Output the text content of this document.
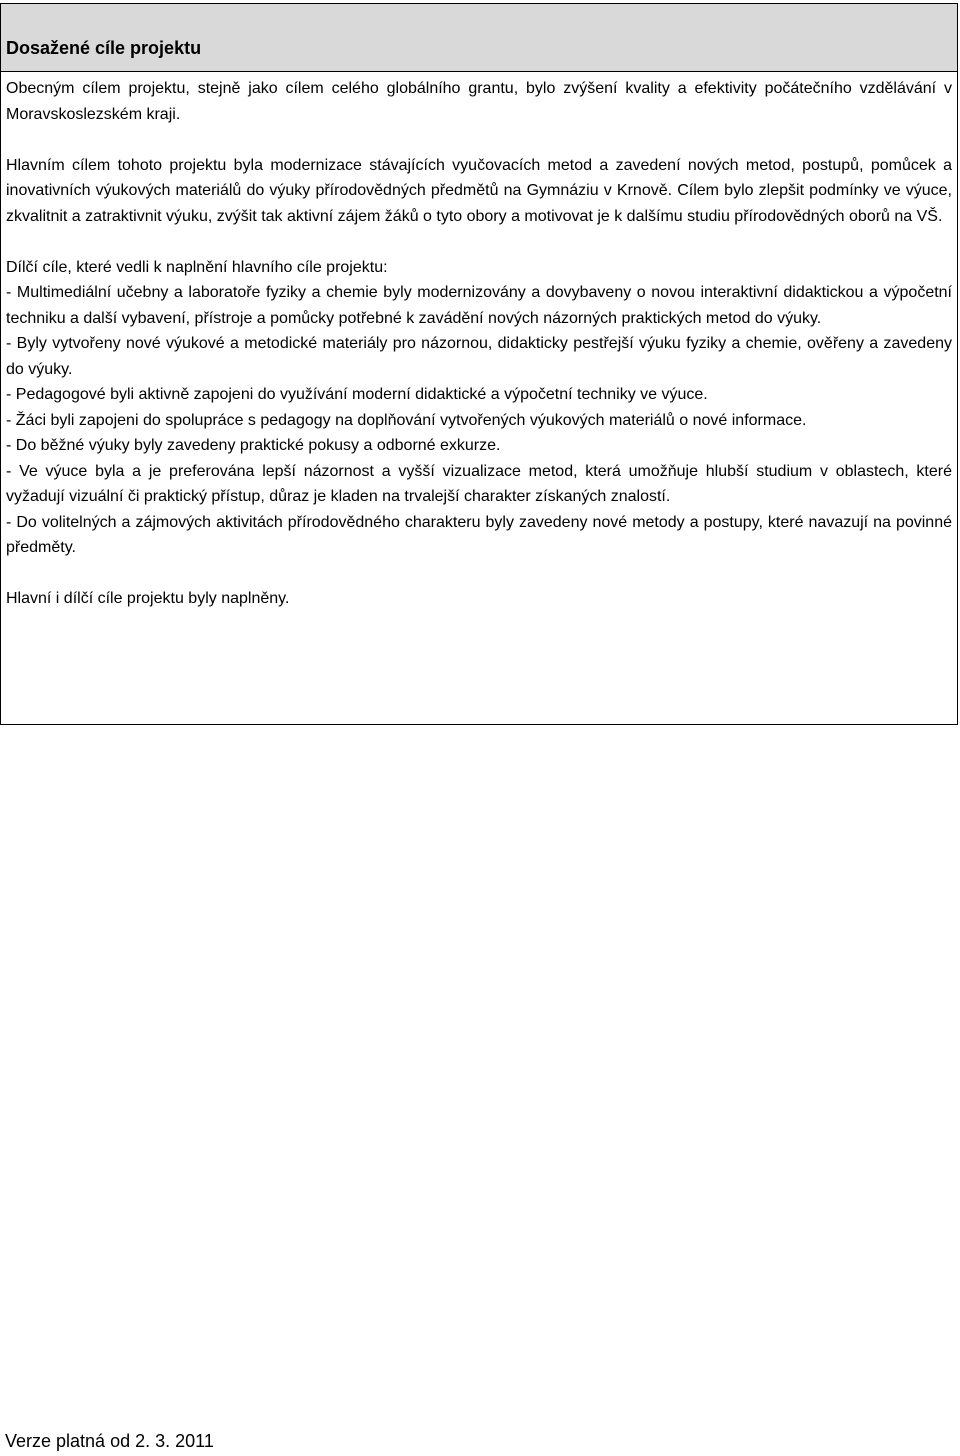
Dosažené cíle projektu

Obecným cílem projektu, stejně jako cílem celého globálního grantu, bylo zvýšení kvality a efektivity počátečního vzdělávání v Moravskoslezském kraji.

Hlavním cílem tohoto projektu byla modernizace stávajících vyučovacích metod a zavedení nových metod, postupů, pomůcek a inovativních výukových materiálů do výuky přírodovědných předmětů na Gymnáziu v Krnově. Cílem bylo zlepšit podmínky ve výuce, zkvalitnit a zatraktivnit výuku, zvýšit tak aktivní zájem žáků o tyto obory a motivovat je k dalšímu studiu přírodovědných oborů na VŠ.

Dílčí cíle, které vedli k naplnění hlavního cíle projektu:

- Multimediální učebny a laboratoře fyziky a chemie byly modernizovány a dovybaveny o novou interaktivní didaktickou a výpočetní techniku a další vybavení, přístroje a pomůcky potřebné k zavádění nových názorných praktických metod do výuky.

- Byly vytvořeny nové výukové a metodické materiály pro názornou, didakticky pestřejší výuku fyziky a chemie, ověřeny a zavedeny do výuky.

- Pedagogové byli aktivně zapojeni do využívání moderní didaktické a výpočetní techniky ve výuce.

- Žáci byli zapojeni do spolupráce s pedagogy na doplňování vytvořených výukových materiálů o nové informace.

- Do běžné výuky byly zavedeny praktické pokusy a odborné exkurze.

- Ve výuce byla a je preferována lepší názornost a vyšší vizualizace metod, která umožňuje hlubší studium v oblastech, které vyžadují vizuální či praktický přístup, důraz je kladen na trvalejší charakter získaných znalostí.

- Do volitelných a zájmových aktivitách přírodovědného charakteru byly zavedeny nové metody a postupy, které navazují na povinné předměty.

Hlavní i dílčí cíle projektu byly naplněny.

Verze platná od 2. 3. 2011
